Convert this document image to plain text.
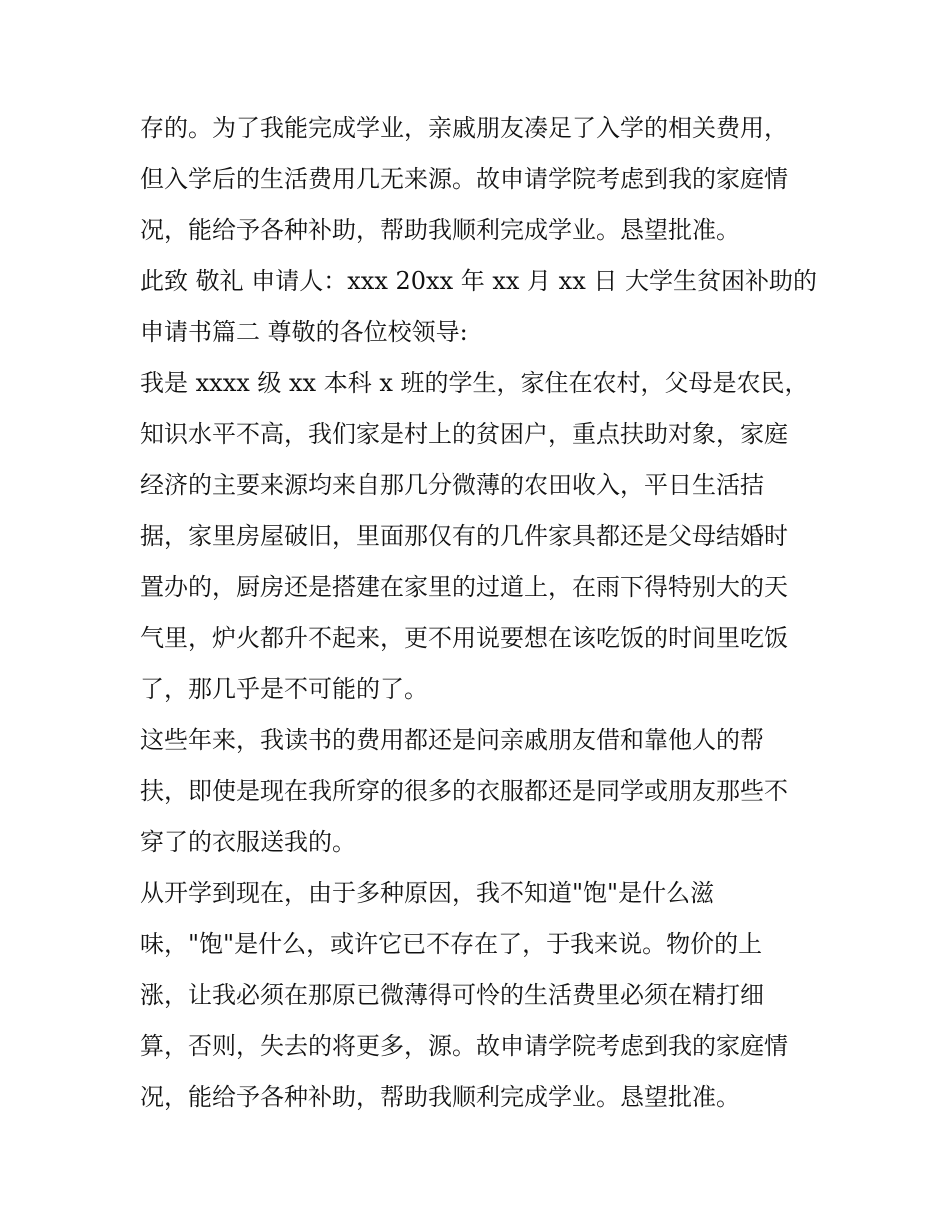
存的。为了我能完成学业，亲戚朋友凑足了入学的相关费用，
但入学后的生活费用几无来源。故申请学院考虑到我的家庭情
况，能给予各种补助，帮助我顺利完成学业。恳望批准。
此致 敬礼 申请人：xxx 20xx 年 xx 月 xx 日 大学生贫困补助的
申请书篇二 尊敬的各位校领导:
我是 xxxx 级 xx 本科 x 班的学生，家住在农村，父母是农民，
知识水平不高，我们家是村上的贫困户，重点扶助对象，家庭
经济的主要来源均来自那几分微薄的农田收入，平日生活拮
据，家里房屋破旧，里面那仅有的几件家具都还是父母结婚时
置办的，厨房还是搭建在家里的过道上，在雨下得特别大的天
气里，炉火都升不起来，更不用说要想在该吃饭的时间里吃饭
了，那几乎是不可能的了。
这些年来，我读书的费用都还是问亲戚朋友借和靠他人的帮
扶，即使是现在我所穿的很多的衣服都还是同学或朋友那些不
穿了的衣服送我的。
从开学到现在，由于多种原因，我不知道"饱"是什么滋
味，"饱"是什么，或许它已不存在了，于我来说。物价的上
涨，让我必须在那原已微薄得可怜的生活费里必须在精打细
算，否则，失去的将更多，源。故申请学院考虑到我的家庭情
况，能给予各种补助，帮助我顺利完成学业。恳望批准。
